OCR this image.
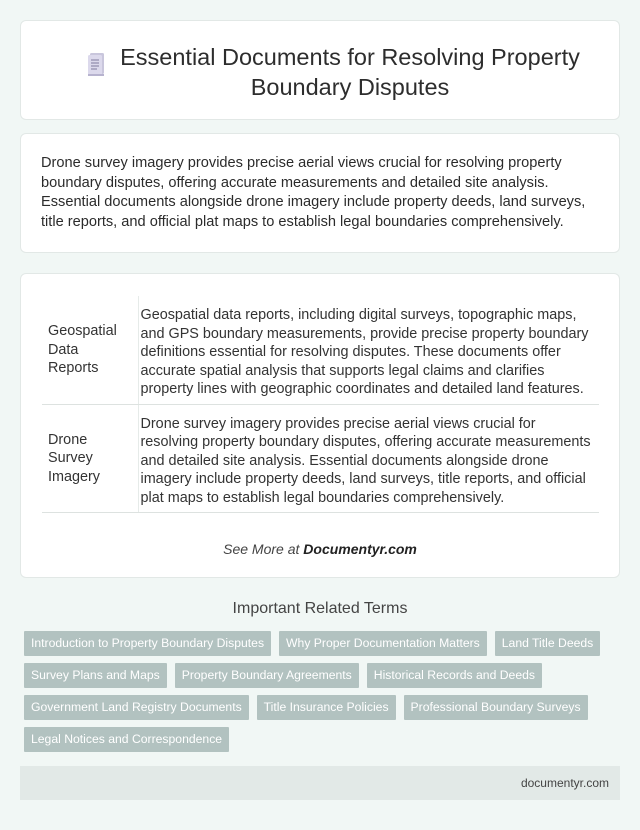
Essential Documents for Resolving Property Boundary Disputes

Drone survey imagery provides precise aerial views crucial for resolving property boundary disputes, offering accurate measurements and detailed site analysis. Essential documents alongside drone imagery include property deeds, land surveys, title reports, and official plat maps to establish legal boundaries comprehensively.

Geospatial Data Reports	Geospatial data reports, including digital surveys, topographic maps, and GPS boundary measurements, provide precise property boundary definitions essential for resolving disputes. These documents offer accurate spatial analysis that supports legal claims and clarifies property lines with geographic coordinates and detailed land features.
Drone Survey Imagery	Drone survey imagery provides precise aerial views crucial for resolving property boundary disputes, offering accurate measurements and detailed site analysis. Essential documents alongside drone imagery include property deeds, land surveys, title reports, and official plat maps to establish legal boundaries comprehensively.
See More at Documentyr.com
Important Related Terms
Introduction to Property Boundary Disputes	Why Proper Documentation Matters	Land Title Deeds
Survey Plans and Maps	Property Boundary Agreements	Historical Records and Deeds
Government Land Registry Documents	Title Insurance Policies	Professional Boundary Surveys
Legal Notices and Correspondence
documentyr.com
